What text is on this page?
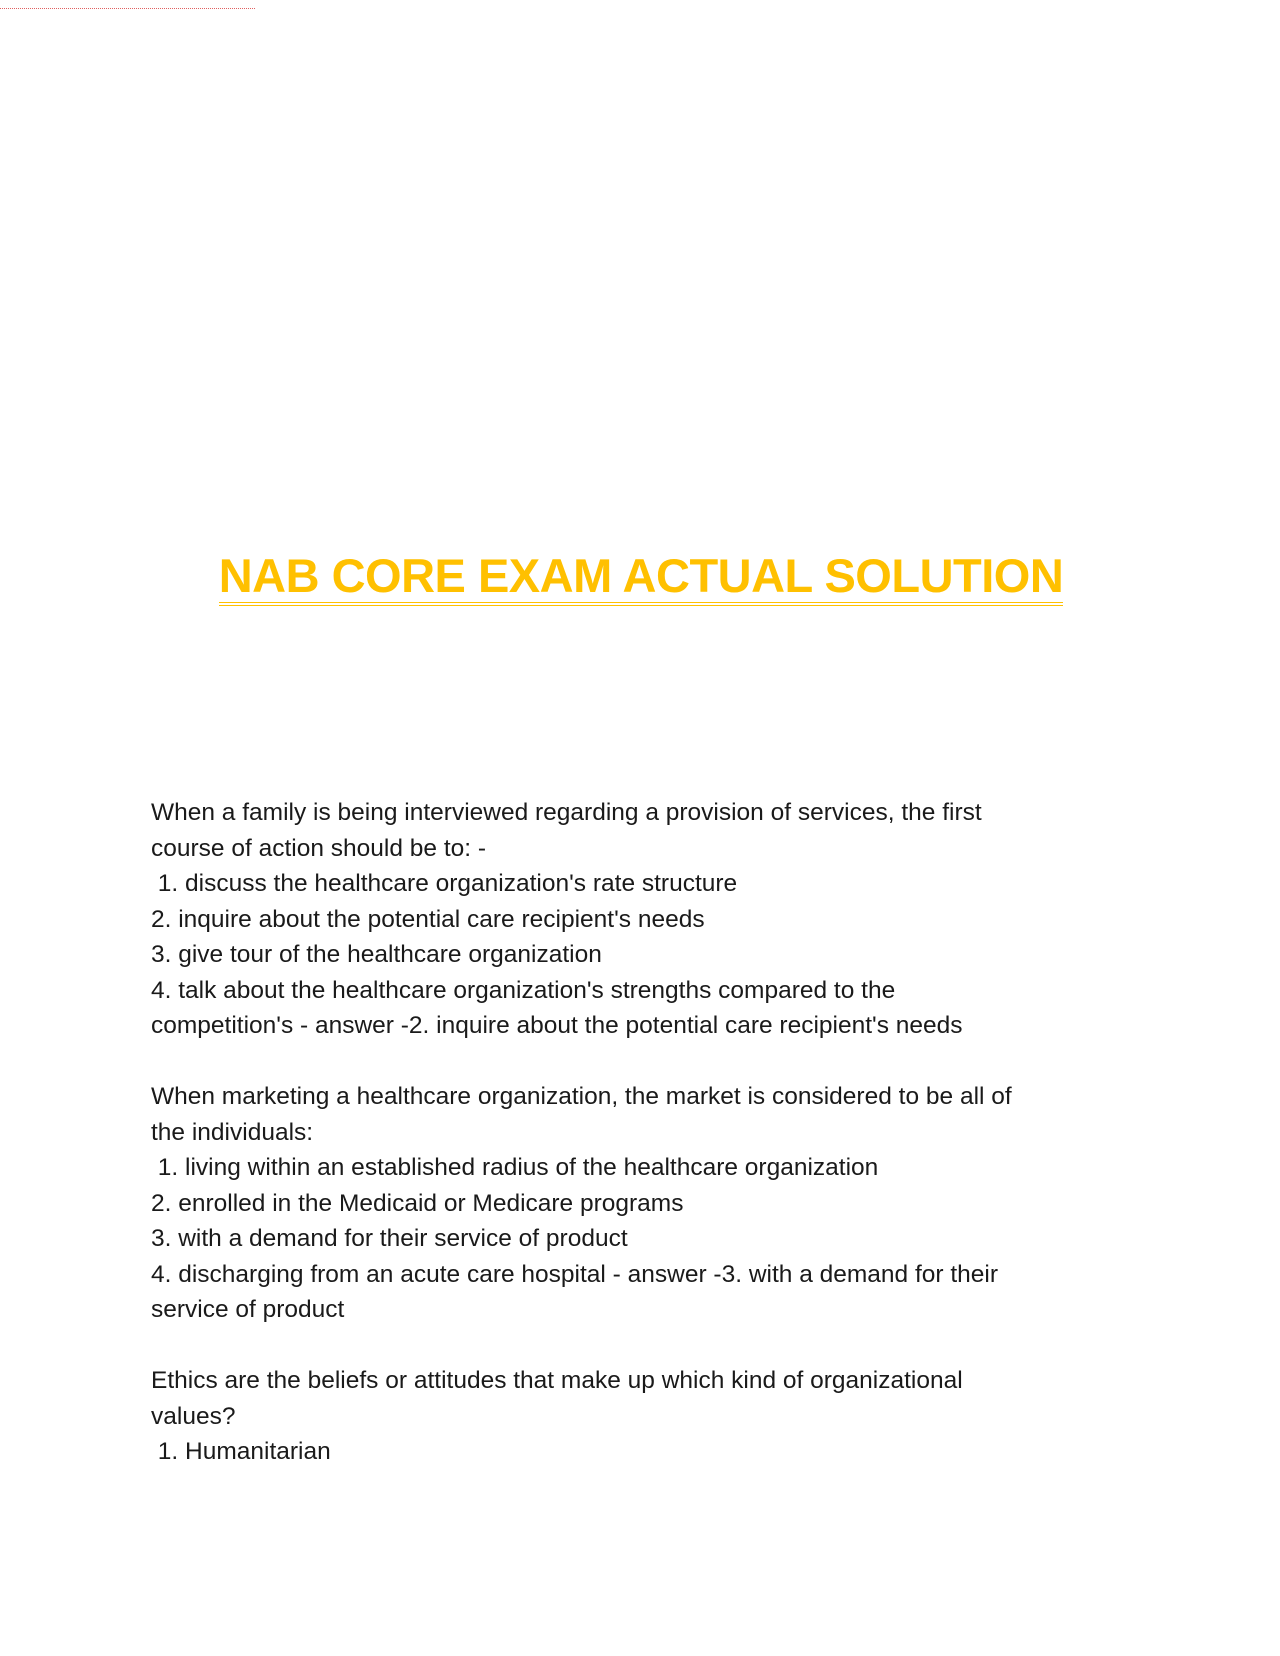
NAB CORE EXAM ACTUAL SOLUTION
When a family is being interviewed regarding a provision of services, the first
course of action should be to: -
1. discuss the healthcare organization's rate structure
2. inquire about the potential care recipient's needs
3. give tour of the healthcare organization
4. talk about the healthcare organization's strengths compared to the
competition's - answer -2. inquire about the potential care recipient's needs
When marketing a healthcare organization, the market is considered to be all of
the individuals:
1. living within an established radius of the healthcare organization
2. enrolled in the Medicaid or Medicare programs
3. with a demand for their service of product
4. discharging from an acute care hospital - answer -3. with a demand for their
service of product
Ethics are the beliefs or attitudes that make up which kind of organizational
values?
1. Humanitarian
